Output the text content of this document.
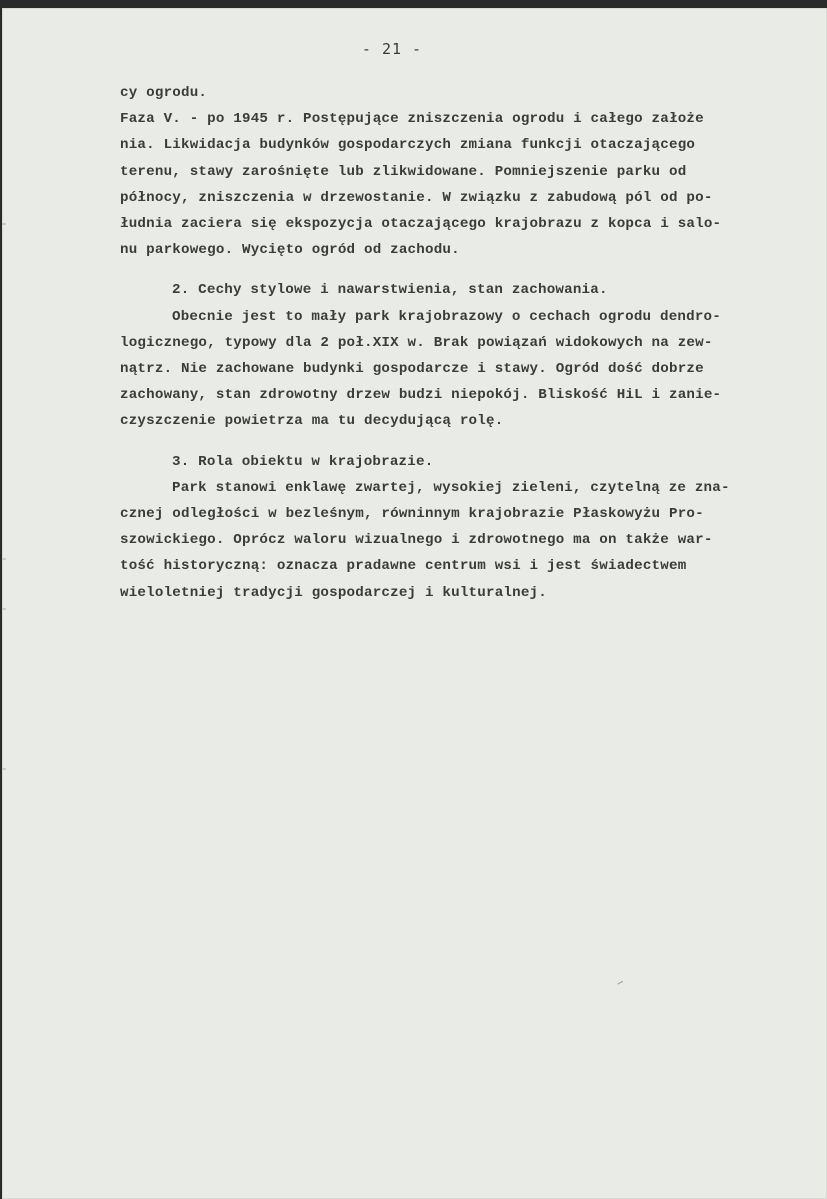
- 21 -
cy ogrodu.
Faza V. - po 1945 r. Postępujące zniszczenia ogrodu i całego założe
nia. Likwidacja budynków gospodarczych zmiana funkcji otaczającego
terenu, stawy zarośnięte lub zlikwidowane. Pomniejszenie parku od
północy, zniszczenia w drzewostanie. W związku z zabudową pól od po-
łudnia zaciera się ekspozycja otaczającego krajobrazu z kopca i salo-
nu parkowego. Wycięto ogród od zachodu.
2. Cechy stylowe i nawarstwienia, stan zachowania.
Obecnie jest to mały park krajobrazowy o cechach ogrodu dendro-
logicznego, typowy dla 2 poł.XIX w. Brak powiązań widokowych na zew-
nątrz. Nie zachowane budynki gospodarcze i stawy. Ogród dość dobrze
zachowany, stan zdrowotny drzew budzi niepokój. Bliskość HiL i zanie-
czyszczenie powietrza ma tu decydującą rolę.
3. Rola obiektu w krajobrazie.
Park stanowi enklawę zwartej, wysokiej zieleni, czytelną ze zna-
cznej odległości w bezleśnym, równinnym krajobrazie Płaskowyżu Pro-
szowickiego. Oprócz waloru wizualnego i zdrowotnego ma on także war-
tość historyczną: oznacza pradawne centrum wsi i jest świadectwem
wieloletniej tradycji gospodarczej i kulturalnej.
